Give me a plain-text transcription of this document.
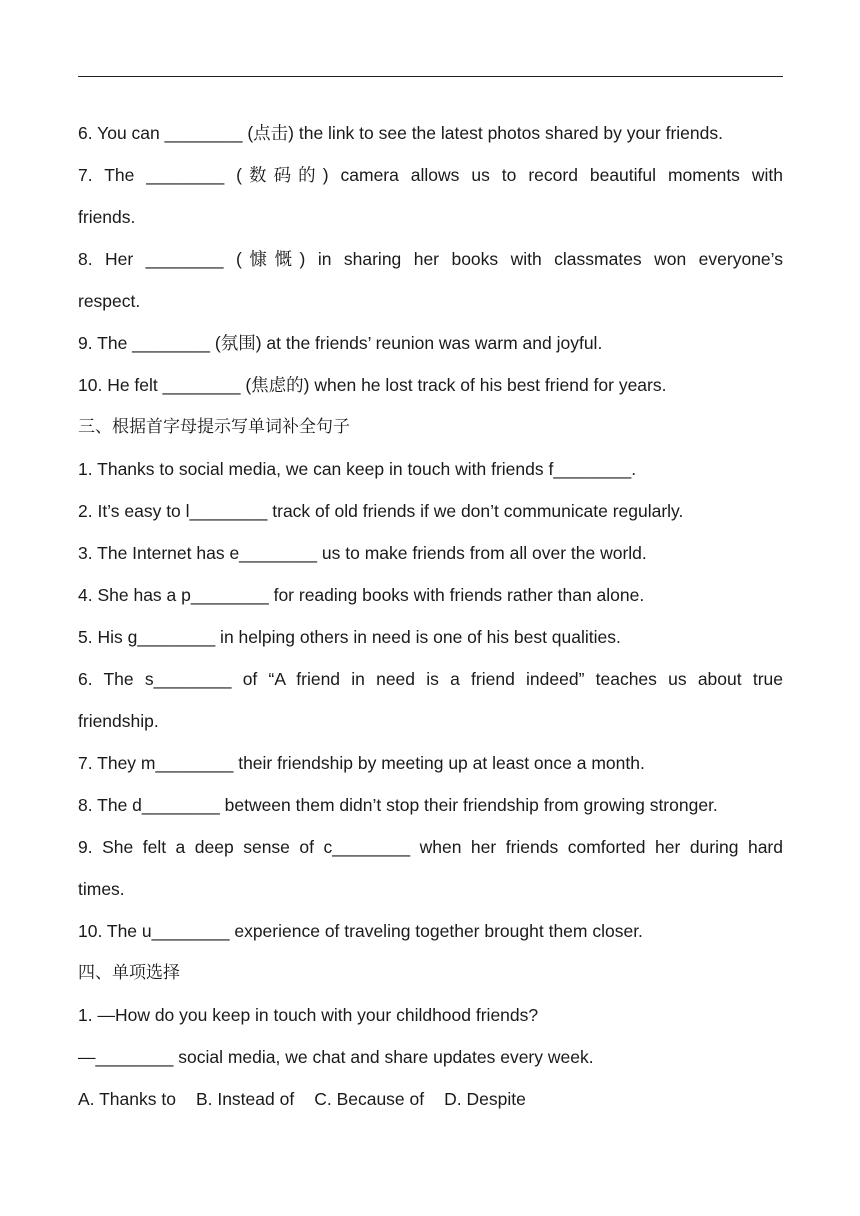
6. You can ________ (点击) the link to see the latest photos shared by your friends.
7. The ________ (数码的) camera allows us to record beautiful moments with
friends.
8. Her ________ (慷慨) in sharing her books with classmates won everyone’s
respect.
9. The ________ (氛围) at the friends’ reunion was warm and joyful.
10. He felt ________ (焦虑的) when he lost track of his best friend for years.
三、根据首字母提示写单词补全句子
1. Thanks to social media, we can keep in touch with friends f________.
2. It’s easy to l________ track of old friends if we don’t communicate regularly.
3. The Internet has e________ us to make friends from all over the world.
4. She has a p________ for reading books with friends rather than alone.
5. His g________ in helping others in need is one of his best qualities.
6. The s________ of “A friend in need is a friend indeed” teaches us about true
friendship.
7. They m________ their friendship by meeting up at least once a month.
8. The d________ between them didn’t stop their friendship from growing stronger.
9. She felt a deep sense of c________ when her friends comforted her during hard
times.
10. The u________ experience of traveling together brought them closer.
四、单项选择
1. —How do you keep in touch with your childhood friends?
—________ social media, we chat and share updates every week.
A. Thanks to B. Instead of C. Because of D. Despite
